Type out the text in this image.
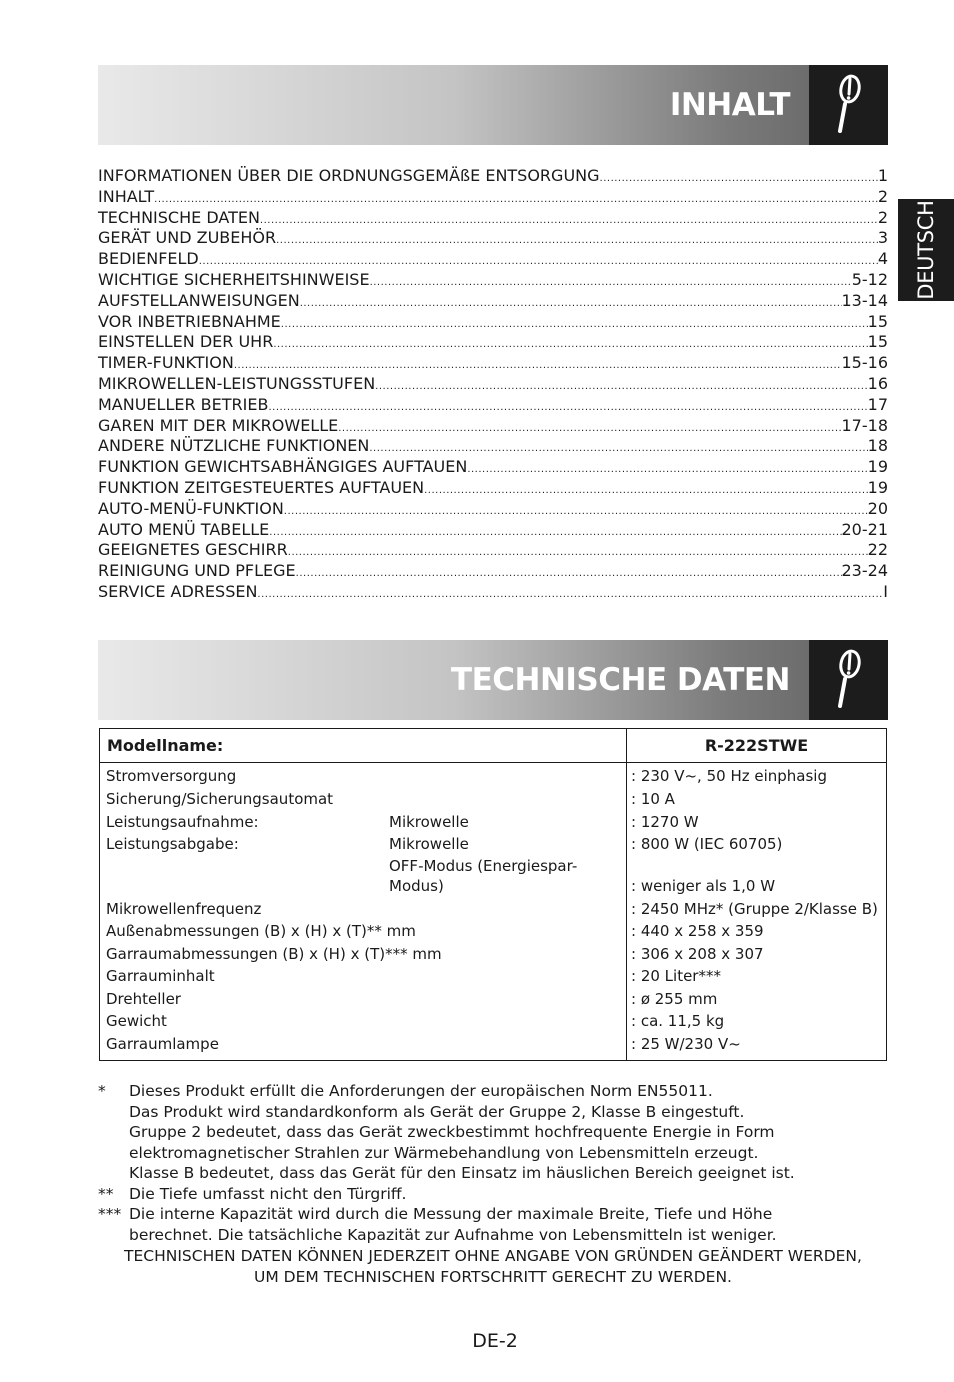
DEUTSCH
INHALT
INFORMATIONEN ÜBER DIE ORDNUNGSGEMÄßE ENTSORGUNG .....	1
INHALT .....	2
TECHNISCHE DATEN .....	2
GERÄT UND ZUBEHÖR .....	3
BEDIENFELD .....	4
WICHTIGE SICHERHEITSHINWEISE .....	5-12
AUFSTELLANWEISUNGEN .....	13-14
VOR INBETRIEBNAHME .....	15
EINSTELLEN DER UHR .....	15
TIMER-FUNKTION .....	15-16
MIKROWELLEN-LEISTUNGSSTUFEN .....	16
MANUELLER BETRIEB .....	17
GAREN MIT DER MIKROWELLE .....	17-18
ANDERE NÜTZLICHE FUNKTIONEN .....	18
FUNKTION GEWICHTSABHÄNGIGES AUFTAUEN .....	19
FUNKTION ZEITGESTEUERTES AUFTAUEN .....	19
AUTO-MENÜ-FUNKTION .....	20
AUTO MENÜ TABELLE .....	20-21
GEEIGNETES GESCHIRR .....	22
REINIGUNG UND PFLEGE .....	23-24
SERVICE ADRESSEN .....	I
TECHNISCHE DATEN
Modellname:	R-222STWE
Stromversorgung	: 230 V~, 50 Hz einphasig
Sicherung/Sicherungsautomat	: 10 A
Leistungsaufnahme:	Mikrowelle	: 1270 W
Leistungsabgabe:	Mikrowelle	: 800 W (IEC 60705)
OFF-Modus (Energiespar-
Modus)	: weniger als 1,0 W
Mikrowellenfrequenz	: 2450 MHz* (Gruppe 2/Klasse B)
Außenabmessungen (B) x (H) x (T)** mm	: 440 x 258 x 359
Garraumabmessungen (B) x (H) x (T)*** mm	: 306 x 208 x 307
Garrauminhalt	: 20 Liter***
Drehteller	: ø 255 mm
Gewicht	: ca. 11,5 kg
Garraumlampe	: 25 W/230 V~
*	Dieses Produkt erfüllt die Anforderungen der europäischen Norm EN55011.
Das Produkt wird standardkonform als Gerät der Gruppe 2, Klasse B eingestuft.
Gruppe 2 bedeutet, dass das Gerät zweckbestimmt hochfrequente Energie in Form
elektromagnetischer Strahlen zur Wärmebehandlung von Lebensmitteln erzeugt.
Klasse B bedeutet, dass das Gerät für den Einsatz im häuslichen Bereich geeignet ist.
**	Die Tiefe umfasst nicht den Türgriff.
*** Die interne Kapazität wird durch die Messung der maximale Breite, Tiefe und Höhe
berechnet. Die tatsächliche Kapazität zur Aufnahme von Lebensmitteln ist weniger.
TECHNISCHEN DATEN KÖNNEN JEDERZEIT OHNE ANGABE VON GRÜNDEN GEÄNDERT WERDEN,
UM DEM TECHNISCHEN FORTSCHRITT GERECHT ZU WERDEN.
DE-2
